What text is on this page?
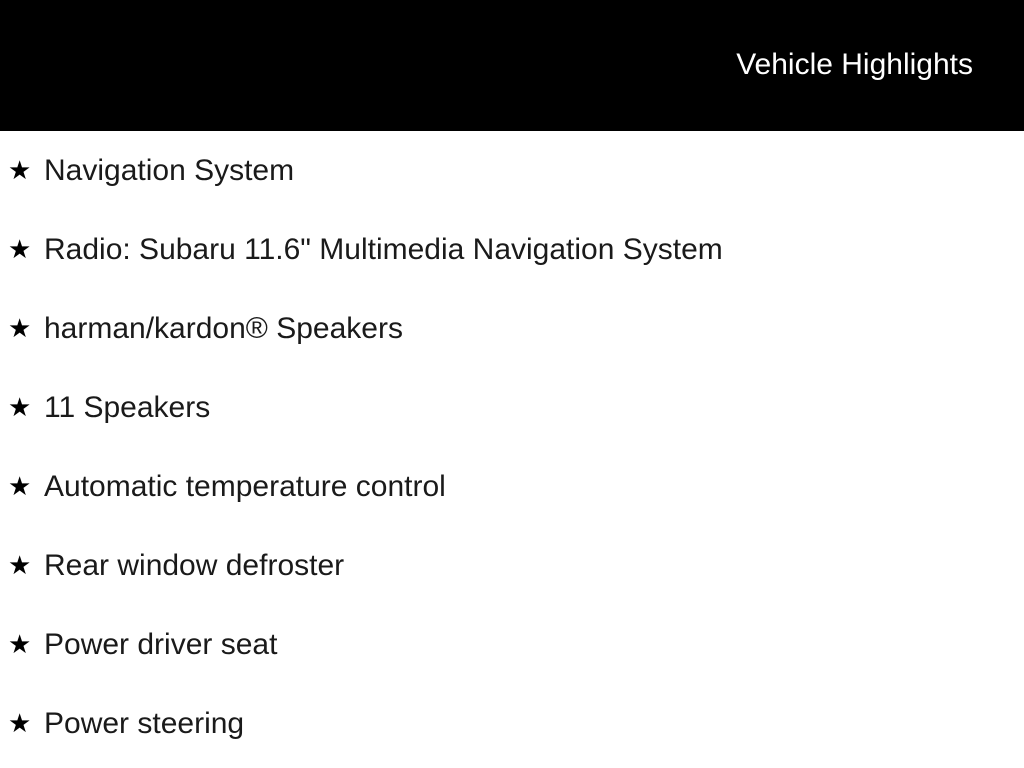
Vehicle Highlights
★ Navigation System
★ Radio: Subaru 11.6" Multimedia Navigation System
★ harman/kardon® Speakers
★ 11 Speakers
★ Automatic temperature control
★ Rear window defroster
★ Power driver seat
★ Power steering
